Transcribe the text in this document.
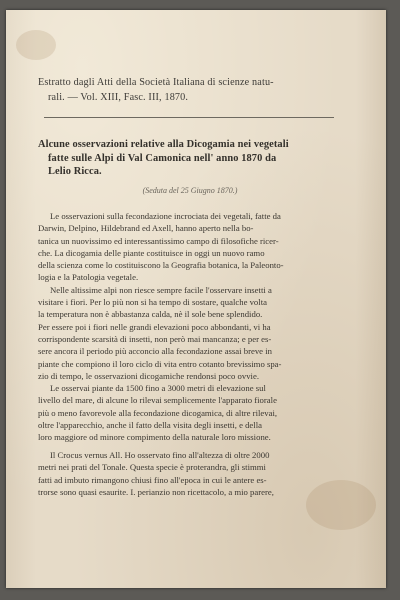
Estratto dagli Atti della Società Italiana di scienze natu-

rali. — Vol. XIII, Fasc. III, 1870.

Alcune osservazioni relative alla Dicogamia nei vegetali

fatte sulle Alpi di Val Camonica nell' anno 1870 da

Lelio Ricca.

(Seduta del 25 Giugno 1870.)

Le osservazioni sulla fecondazione incrociata dei vegetali, fatte da

Darwin, Delpino, Hildebrand ed Axell, hanno aperto nella bo-

tanica un nuovissimo ed interessantissimo campo di filosofiche ricer-

che. La dicogamia delle piante costituisce in oggi un nuovo ramo

della scienza come lo costituiscono la Geografia botanica, la Paleonto-

logia e la Patologia vegetale.

Nelle altissime alpi non riesce sempre facile l'osservare insetti a

visitare i fiori. Per lo più non si ha tempo di sostare, qualche volta

la temperatura non è abbastanza calda, nè il sole bene splendido.

Per essere poi i fiori nelle grandi elevazioni poco abbondanti, vi ha

corrispondente scarsità di insetti, non però mai mancanza; e per es-

sere ancora il periodo più acconcio alla fecondazione assai breve in

piante che compiono il loro ciclo di vita entro cotanto brevissimo spa-

zio di tempo, le osservazioni dicogamiche rendonsi poco ovvie.

Le osservai piante da 1500 fino a 3000 metri di elevazione sul

livello del mare, di alcune lo rilevai semplicemente l'apparato fiorale

più o meno favorevole alla fecondazione dicogamica, di altre rilevai,

oltre l'apparecchio, anche il fatto della visita degli insetti, e della

loro maggiore od minore compimento della naturale loro missione.

Il Crocus vernus All. Ho osservato fino all'altezza di oltre 2000

metri nei prati del Tonale. Questa specie è proterandra, gli stimmi

fatti ad imbuto rimangono chiusi fino all'epoca in cui le antere es-

trorse sono quasi esaurite. I. perianzio non ricettacolo, a mio parere,
